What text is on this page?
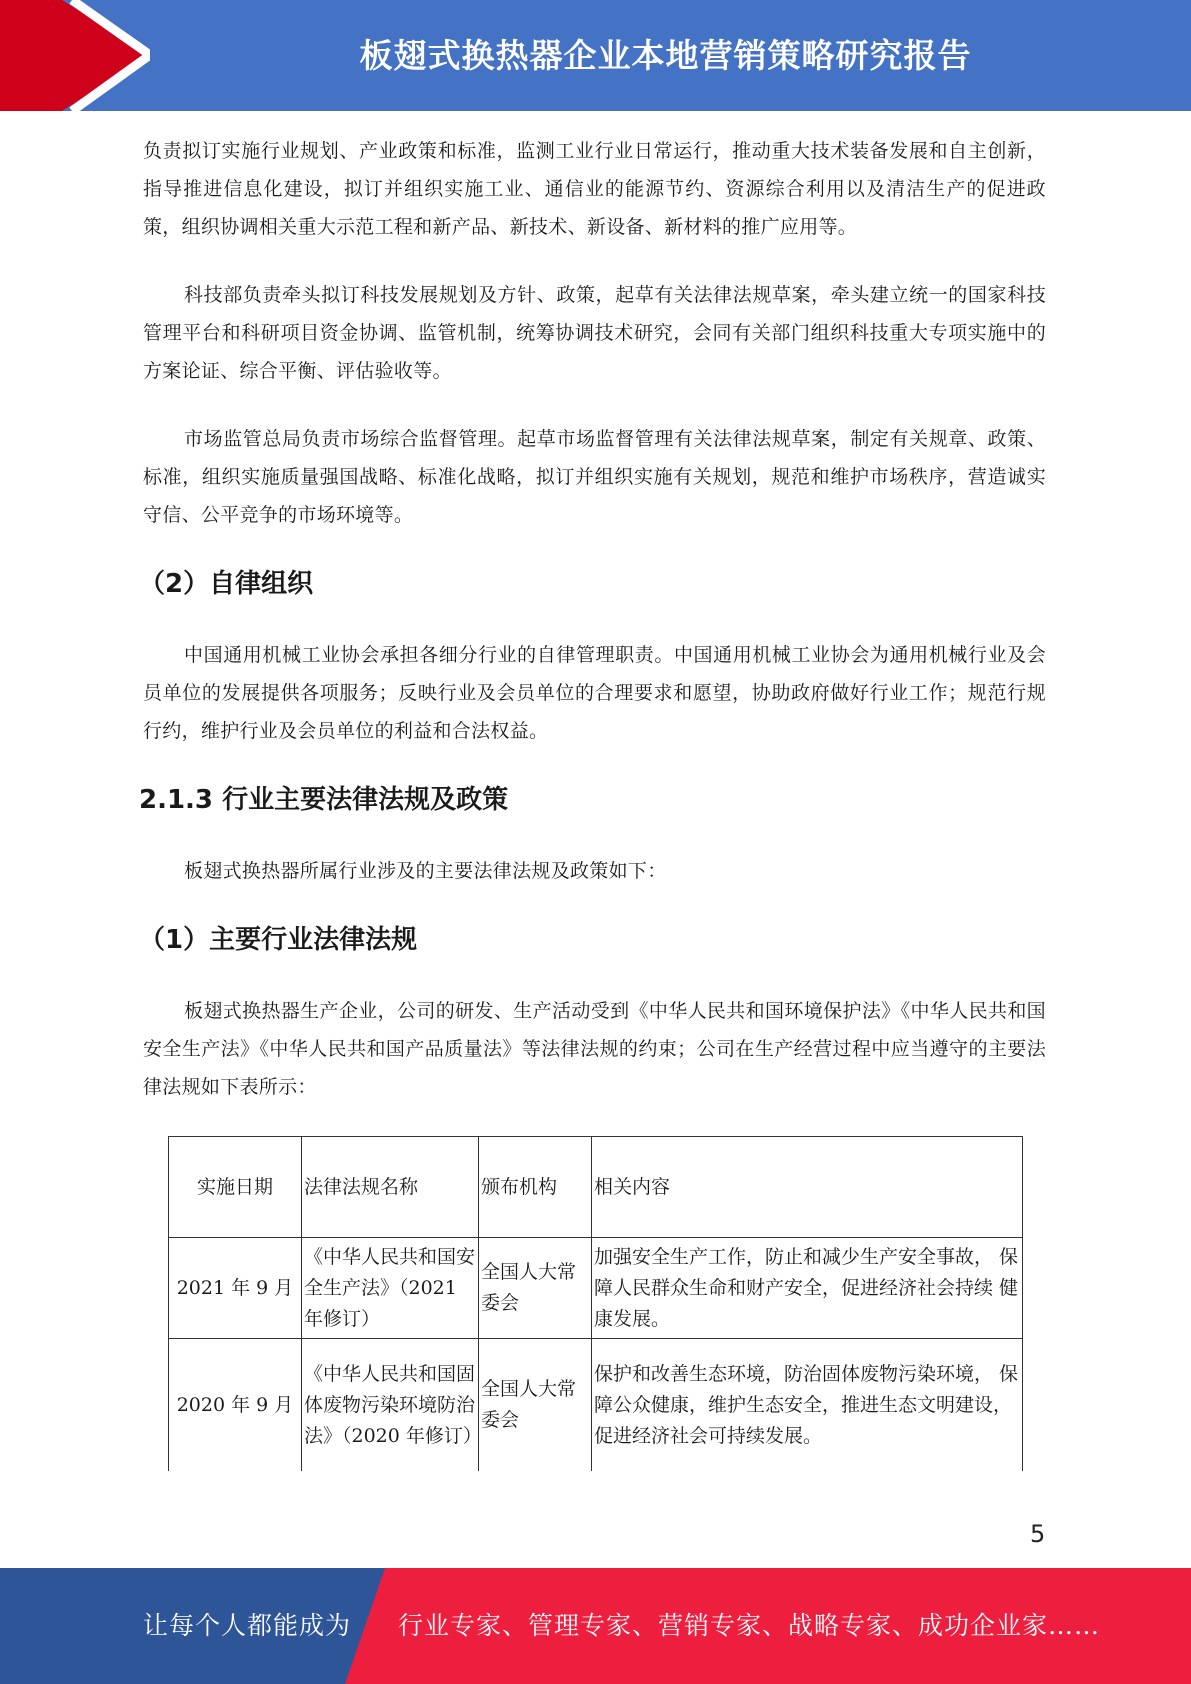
板翅式换热器企业本地营销策略研究报告

负责拟订实施行业规划、产业政策和标准，监测工业行业日常运行，推动重大技术装备发展和自主创新，指导推进信息化建设，拟订并组织实施工业、通信业的能源节约、资源综合利用以及清洁生产的促进政策，组织协调相关重大示范工程和新产品、新技术、新设备、新材料的推广应用等。

科技部负责牵头拟订科技发展规划及方针、政策，起草有关法律法规草案，牵头建立统一的国家科技管理平台和科研项目资金协调、监管机制，统筹协调技术研究，会同有关部门组织科技重大专项实施中的方案论证、综合平衡、评估验收等。

市场监管总局负责市场综合监督管理。起草市场监督管理有关法律法规草案，制定有关规章、政策、标准，组织实施质量强国战略、标准化战略，拟订并组织实施有关规划，规范和维护市场秩序，营造诚实守信、公平竞争的市场环境等。

（2）自律组织

中国通用机械工业协会承担各细分行业的自律管理职责。中国通用机械工业协会为通用机械行业及会员单位的发展提供各项服务；反映行业及会员单位的合理要求和愿望，协助政府做好行业工作；规范行规行约，维护行业及会员单位的利益和合法权益。

2.1.3 行业主要法律法规及政策

板翅式换热器所属行业涉及的主要法律法规及政策如下：

（1）主要行业法律法规

板翅式换热器生产企业，公司的研发、生产活动受到《中华人民共和国环境保护法》《中华人民共和国安全生产法》《中华人民共和国产品质量法》等法律法规的约束；公司在生产经营过程中应当遵守的主要法律法规如下表所示：

实施日期	法律法规名称	颁布机构	相关内容
2021 年 9 月	《中华人民共和国安全生产法》（2021 年修订）	全国人大常委会	加强安全生产工作，防止和减少生产安全事故， 保障人民群众生命和财产安全，促进经济社会持续 健康发展。
2020 年 9 月	《中华人民共和国固体废物污染环境防治法》（2020 年修订）	全国人大常委会	保护和改善生态环境，防治固体废物污染环境， 保障公众健康，维护生态安全，推进生态文明建设， 促进经济社会可持续发展。
5
让每个人都能成为 行业专家、管理专家、营销专家、战略专家、成功企业家……
